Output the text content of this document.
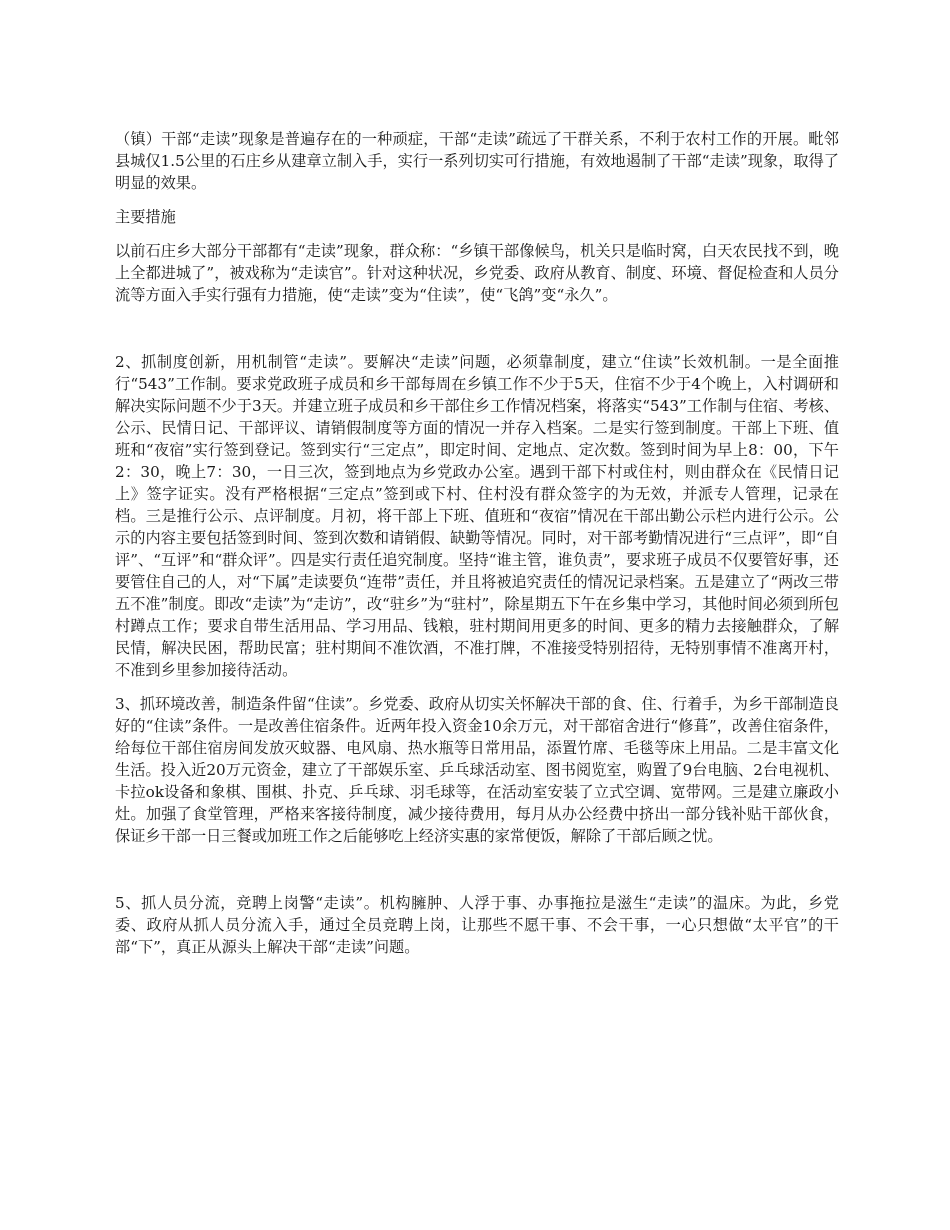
（镇）干部“走读”现象是普遍存在的一种顽症，干部“走读”疏远了干群关系，不利于农村工作的开展。毗邻县城仅1.5公里的石庄乡从建章立制入手，实行一系列切实可行措施，有效地遏制了干部“走读”现象，取得了明显的效果。

主要措施

以前石庄乡大部分干部都有“走读”现象，群众称：“乡镇干部像候鸟，机关只是临时窝，白天农民找不到，晚上全都进城了”，被戏称为“走读官”。针对这种状况，乡党委、政府从教育、制度、环境、督促检查和人员分流等方面入手实行强有力措施，使“走读”变为“住读”，使“飞鸽”变“永久”。

2、抓制度创新，用机制管“走读”。要解决“走读”问题，必须靠制度，建立“住读”长效机制。一是全面推行“543”工作制。要求党政班子成员和乡干部每周在乡镇工作不少于5天，住宿不少于4个晚上，入村调研和解决实际问题不少于3天。并建立班子成员和乡干部住乡工作情况档案，将落实“543”工作制与住宿、考核、公示、民情日记、干部评议、请销假制度等方面的情况一并存入档案。二是实行签到制度。干部上下班、值班和“夜宿”实行签到登记。签到实行“三定点”，即定时间、定地点、定次数。签到时间为早上8：00，下午2：30，晚上7：30，一日三次，签到地点为乡党政办公室。遇到干部下村或住村，则由群众在《民情日记上》签字证实。没有严格根据“三定点”签到或下村、住村没有群众签字的为无效，并派专人管理，记录在档。三是推行公示、点评制度。月初，将干部上下班、值班和“夜宿”情况在干部出勤公示栏内进行公示。公示的内容主要包括签到时间、签到次数和请销假、缺勤等情况。同时，对干部考勤情况进行“三点评”，即“自评”、“互评”和“群众评”。四是实行责任追究制度。坚持“谁主管，谁负责”，要求班子成员不仅要管好事，还要管住自己的人，对“下属”走读要负“连带”责任，并且将被追究责任的情况记录档案。五是建立了“两改三带五不准”制度。即改“走读”为“走访”，改“驻乡”为“驻村”，除星期五下午在乡集中学习，其他时间必须到所包村蹲点工作；要求自带生活用品、学习用品、钱粮，驻村期间用更多的时间、更多的精力去接触群众，了解民情，解决民困，帮助民富；驻村期间不准饮酒，不准打牌，不准接受特别招待，无特别事情不准离开村，不准到乡里参加接待活动。

3、抓环境改善，制造条件留“住读”。乡党委、政府从切实关怀解决干部的食、住、行着手，为乡干部制造良好的“住读”条件。一是改善住宿条件。近两年投入资金10余万元，对干部宿舍进行“修葺”，改善住宿条件，给每位干部住宿房间发放灭蚊器、电风扇、热水瓶等日常用品，添置竹席、毛毯等床上用品。二是丰富文化生活。投入近20万元资金，建立了干部娱乐室、乒乓球活动室、图书阅览室，购置了9台电脑、2台电视机、卡拉ok设备和象棋、围棋、扑克、乒乓球、羽毛球等，在活动室安装了立式空调、宽带网。三是建立廉政小灶。加强了食堂管理，严格来客接待制度，减少接待费用，每月从办公经费中挤出一部分钱补贴干部伙食，保证乡干部一日三餐或加班工作之后能够吃上经济实惠的家常便饭，解除了干部后顾之忧。

5、抓人员分流，竞聘上岗警“走读”。机构臃肿、人浮于事、办事拖拉是滋生“走读”的温床。为此，乡党委、政府从抓人员分流入手，通过全员竞聘上岗，让那些不愿干事、不会干事，一心只想做“太平官”的干部“下”，真正从源头上解决干部“走读”问题。
